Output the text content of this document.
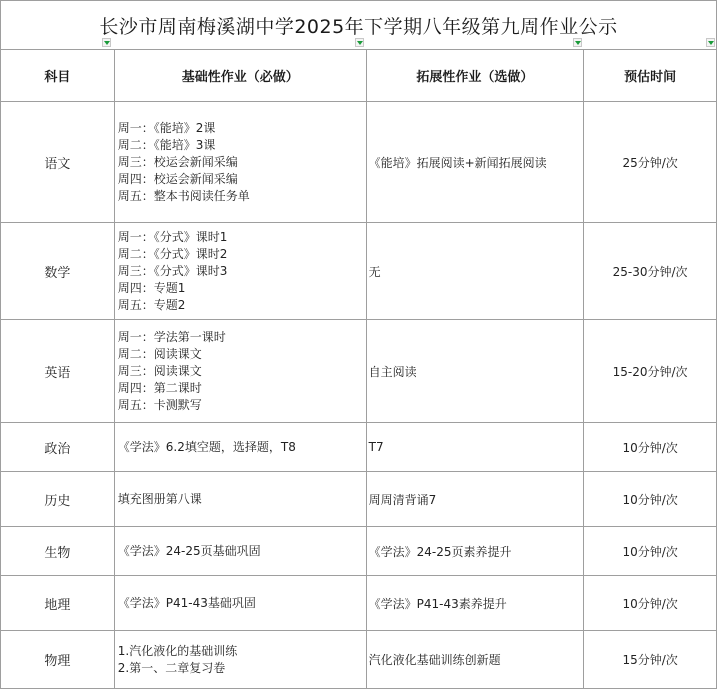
长沙市周南梅溪湖中学2025年下学期八年级第九周作业公示			

科目	基础性作业（必做）	拓展性作业（选做）	预估时间
语文	周一：《能培》2课
周二：《能培》3课
周三：校运会新闻采编
周四：校运会新闻采编
周五：整本书阅读任务单	《能培》拓展阅读+新闻拓展阅读	25分钟/次
数学	周一：《分式》课时1
周二：《分式》课时2
周三：《分式》课时3
周四：专题1
周五：专题2	无	25-30分钟/次
英语	周一：学法第一课时
周二：阅读课文
周三：阅读课文
周四：第二课时
周五：卡测默写	自主阅读	15-20分钟/次
政治	《学法》6.2填空题，选择题，T8	T7	10分钟/次
历史	填充图册第八课	周周清背诵7	10分钟/次
生物	《学法》24-25页基础巩固	《学法》24-25页素养提升	10分钟/次
地理	《学法》P41-43基础巩固	《学法》P41-43素养提升	10分钟/次
物理	1.汽化液化的基础训练
2.第一、二章复习卷	汽化液化基础训练创新题	15分钟/次
